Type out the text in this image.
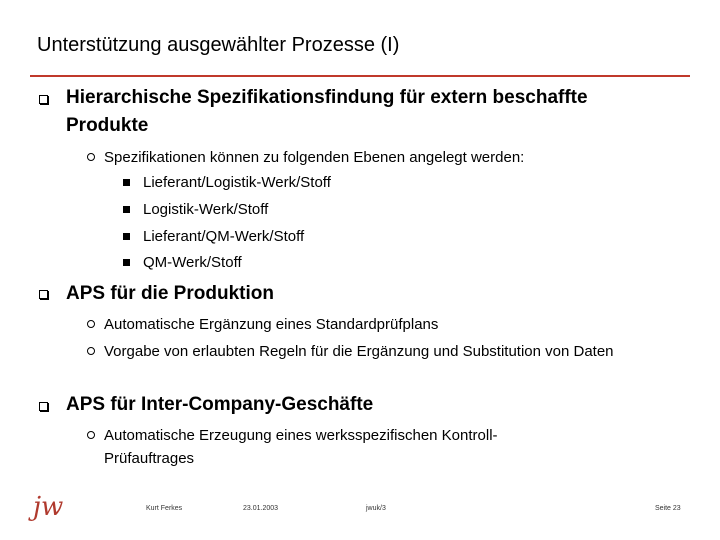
Unterstützung ausgewählter Prozesse (I)
Hierarchische Spezifikationsfindung für extern beschaffte Produkte
Spezifikationen können zu folgenden Ebenen angelegt werden:
Lieferant/Logistik-Werk/Stoff
Logistik-Werk/Stoff
Lieferant/QM-Werk/Stoff
QM-Werk/Stoff
APS für die Produktion
Automatische Ergänzung eines Standardprüfplans
Vorgabe von erlaubten Regeln für die Ergänzung und Substitution von Daten
APS für Inter-Company-Geschäfte
Automatische Erzeugung eines werksspezifischen Kontroll-Prüfauftrages
jw	Kurt Ferkes	23.01.2003	jwuk/3	Seite 23
